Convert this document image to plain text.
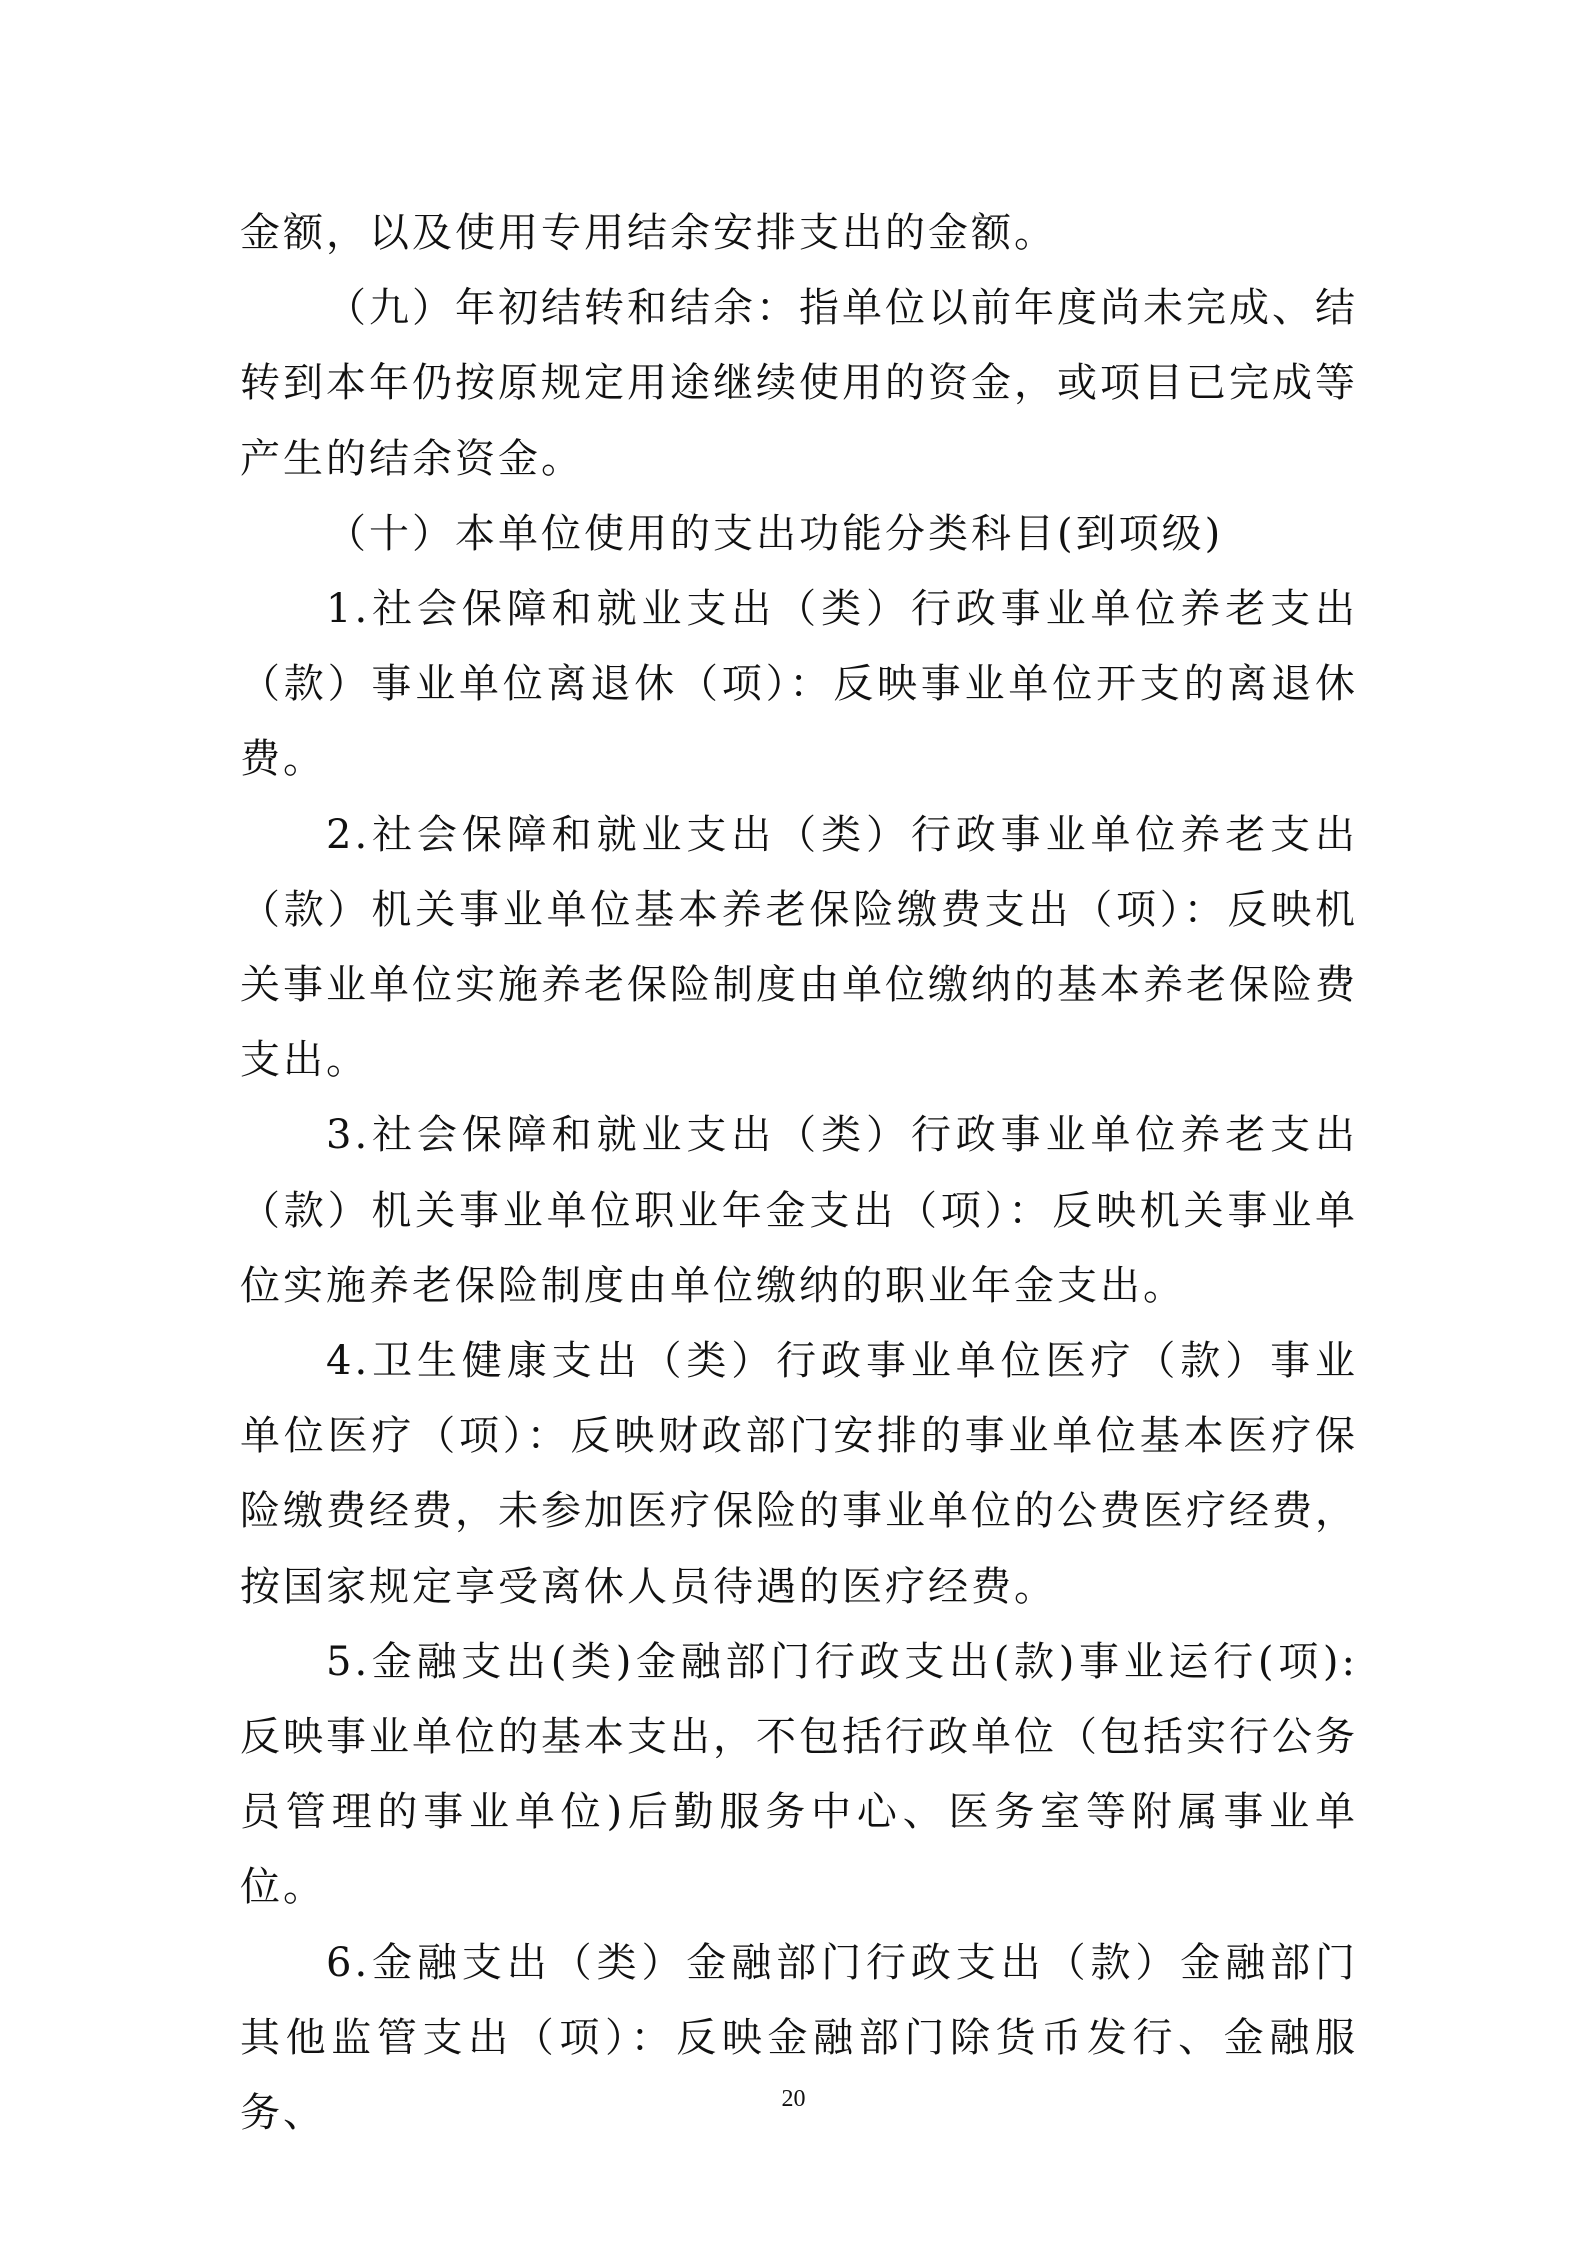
金额，以及使用专用结余安排支出的金额。

（九）年初结转和结余：指单位以前年度尚未完成、结转到本年仍按原规定用途继续使用的资金，或项目已完成等产生的结余资金。

（十）本单位使用的支出功能分类科目(到项级)

1.社会保障和就业支出（类）行政事业单位养老支出（款）事业单位离退休（项）：反映事业单位开支的离退休费。

2.社会保障和就业支出（类）行政事业单位养老支出（款）机关事业单位基本养老保险缴费支出（项）：反映机关事业单位实施养老保险制度由单位缴纳的基本养老保险费支出。

3.社会保障和就业支出（类）行政事业单位养老支出（款）机关事业单位职业年金支出（项）：反映机关事业单位实施养老保险制度由单位缴纳的职业年金支出。

4.卫生健康支出（类）行政事业单位医疗（款）事业单位医疗（项）：反映财政部门安排的事业单位基本医疗保险缴费经费，未参加医疗保险的事业单位的公费医疗经费，按国家规定享受离休人员待遇的医疗经费。

5.金融支出(类)金融部门行政支出(款)事业运行(项):反映事业单位的基本支出，不包括行政单位（包括实行公务员管理的事业单位)后勤服务中心、医务室等附属事业单位。

6.金融支出（类）金融部门行政支出（款）金融部门其他监管支出（项）：反映金融部门除货币发行、金融服务、	20
